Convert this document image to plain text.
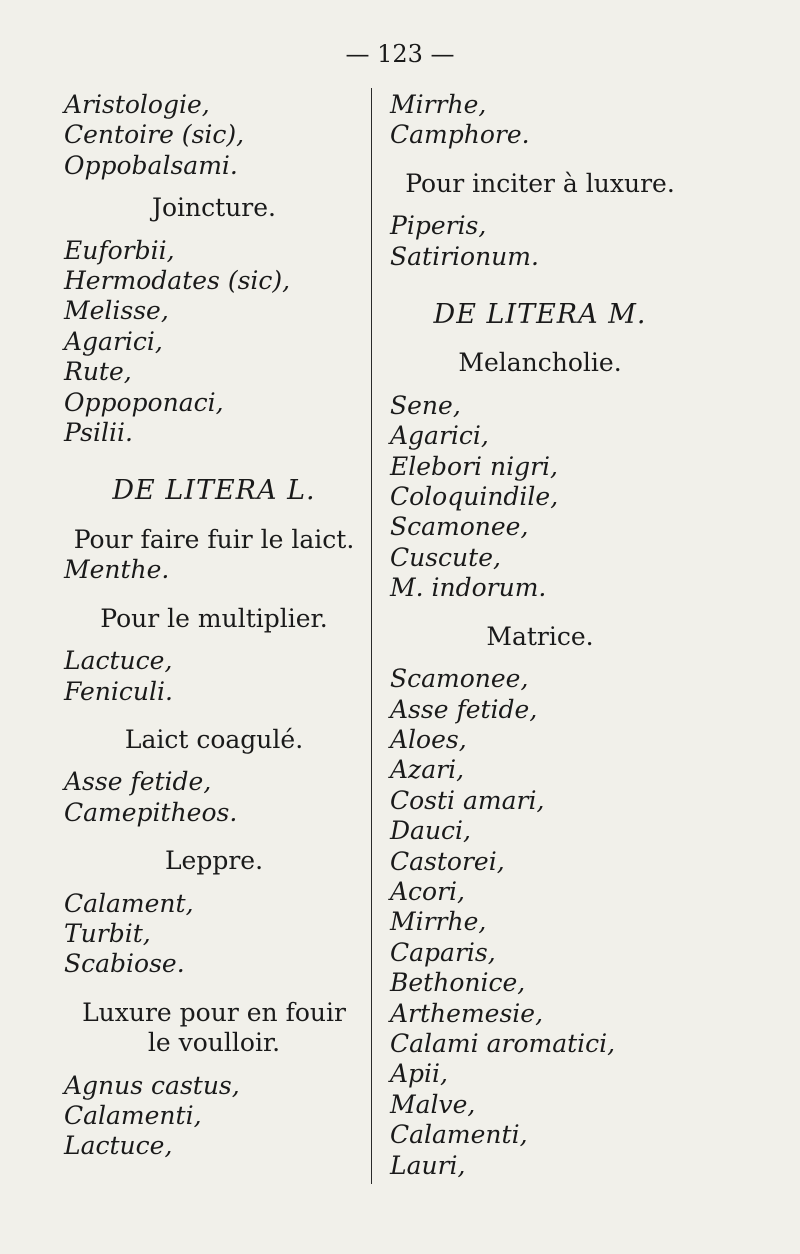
— 123 —
Aristologie,
Centoire (sic),
Oppobalsami.
Joincture.
Euforbii,
Hermodates (sic),
Melisse,
Agarici,
Rute,
Oppoponaci,
Psilii.
DE LITERA L.
Pour faire fuir le laict.
Menthe.
Pour le multiplier.
Lactuce,
Feniculi.
Laict coagulé.
Asse fetide,
Camepitheos.
Leppre.
Calament,
Turbit,
Scabiose.
Luxure pour en fouir
le voulloir.
Agnus castus,
Calamenti,
Lactuce,
Mirrhe,
Camphore.
Pour inciter à luxure.
Piperis,
Satirionum.
DE LITERA M.
Melancholie.
Sene,
Agarici,
Elebori nigri,
Coloquindile,
Scamonee,
Cuscute,
M. indorum.
Matrice.
Scamonee,
Asse fetide,
Aloes,
Azari,
Costi amari,
Dauci,
Castorei,
Acori,
Mirrhe,
Caparis,
Bethonice,
Arthemesie,
Calami aromatici,
Apii,
Malve,
Calamenti,
Lauri,
